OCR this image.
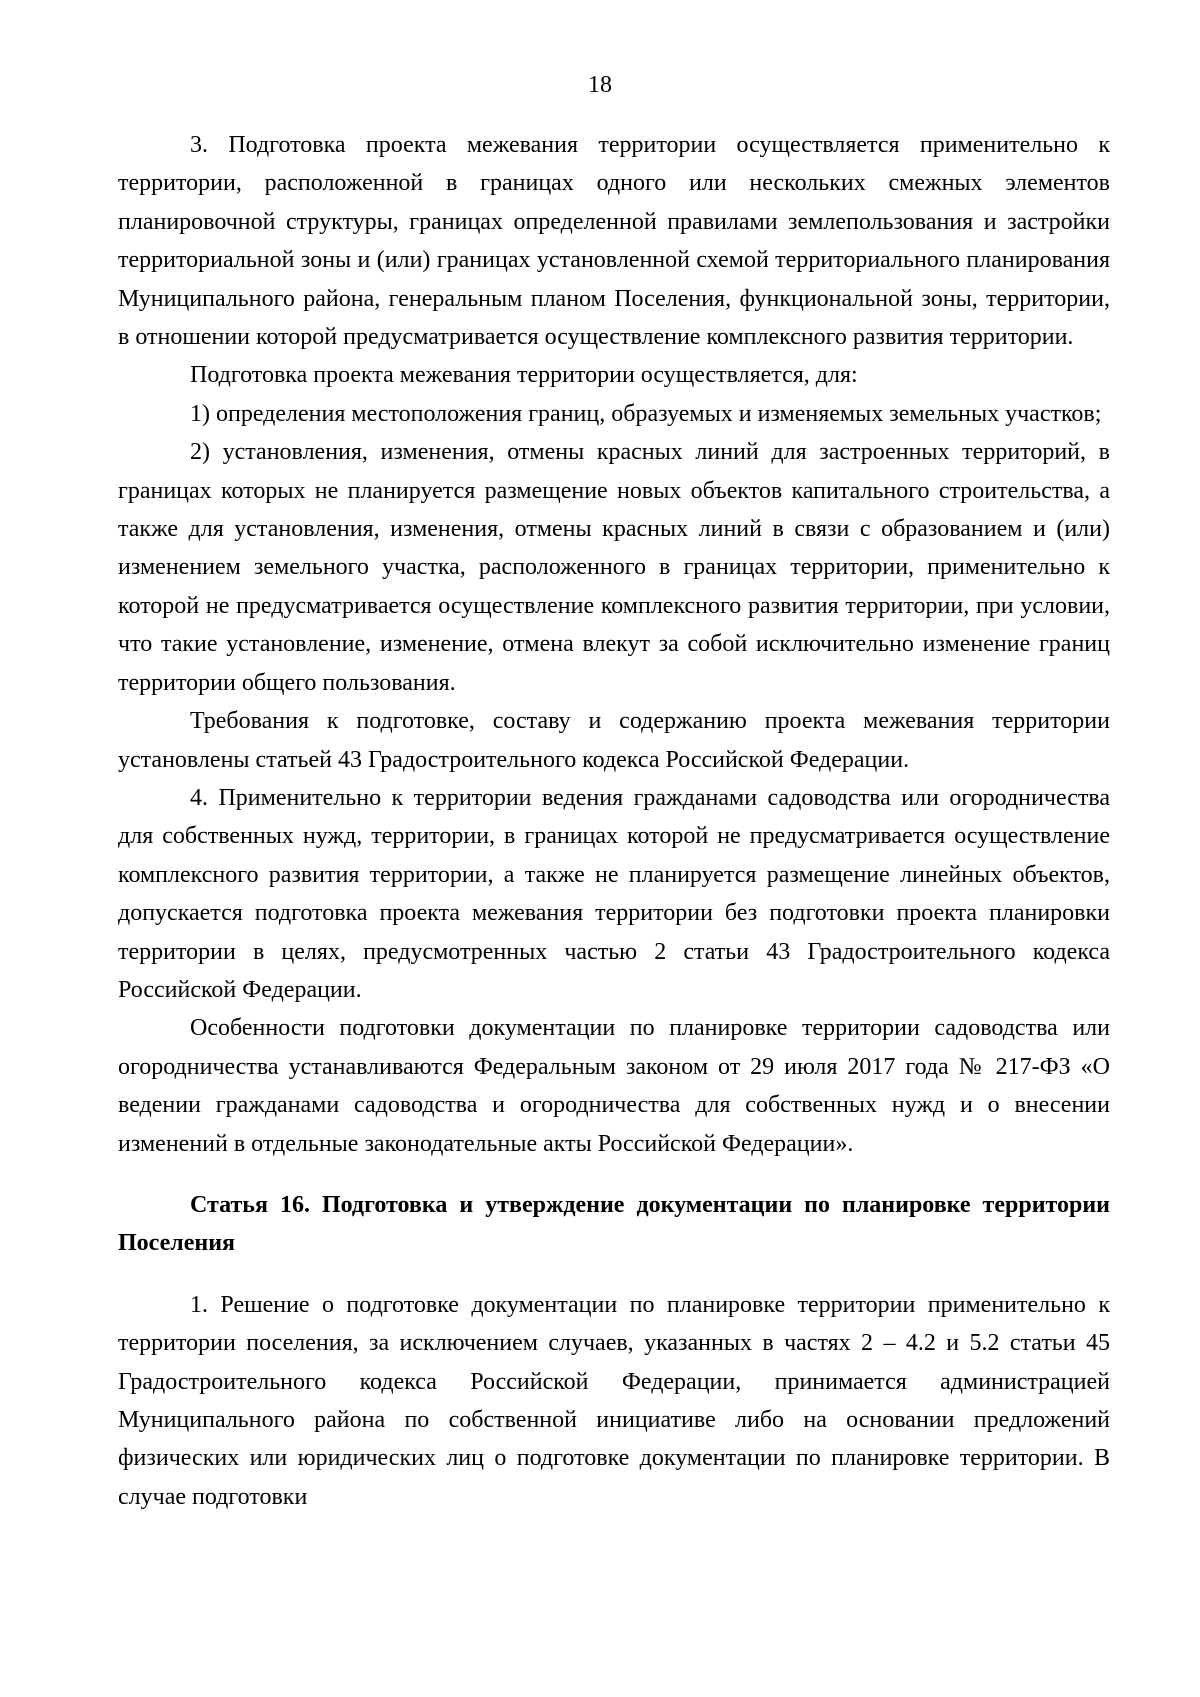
18

3. Подготовка проекта межевания территории осуществляется применительно к территории, расположенной в границах одного или нескольких смежных элементов планировочной структуры, границах определенной правилами землепользования и застройки территориальной зоны и (или) границах установленной схемой территориального планирования Муниципального района, генеральным планом Поселения, функциональной зоны, территории, в отношении которой предусматривается осуществление комплексного развития территории.

Подготовка проекта межевания территории осуществляется, для:

1) определения местоположения границ, образуемых и изменяемых земельных участков;

2) установления, изменения, отмены красных линий для застроенных территорий, в границах которых не планируется размещение новых объектов капитального строительства, а также для установления, изменения, отмены красных линий в связи с образованием и (или) изменением земельного участка, расположенного в границах территории, применительно к которой не предусматривается осуществление комплексного развития территории, при условии, что такие установление, изменение, отмена влекут за собой исключительно изменение границ территории общего пользования.

Требования к подготовке, составу и содержанию проекта межевания территории установлены статьей 43 Градостроительного кодекса Российской Федерации.

4. Применительно к территории ведения гражданами садоводства или огородничества для собственных нужд, территории, в границах которой не предусматривается осуществление комплексного развития территории, а также не планируется размещение линейных объектов, допускается подготовка проекта межевания территории без подготовки проекта планировки территории в целях, предусмотренных частью 2 статьи 43 Градостроительного кодекса Российской Федерации.

Особенности подготовки документации по планировке территории садоводства или огородничества устанавливаются Федеральным законом от 29 июля 2017 года № 217-ФЗ «О ведении гражданами садоводства и огородничества для собственных нужд и о внесении изменений в отдельные законодательные акты Российской Федерации».

Статья 16. Подготовка и утверждение документации по планировке территории Поселения

1. Решение о подготовке документации по планировке территории применительно к территории поселения, за исключением случаев, указанных в частях 2 – 4.2 и 5.2 статьи 45 Градостроительного кодекса Российской Федерации, принимается администрацией Муниципального района по собственной инициативе либо на основании предложений физических или юридических лиц о подготовке документации по планировке территории. В случае подготовки
